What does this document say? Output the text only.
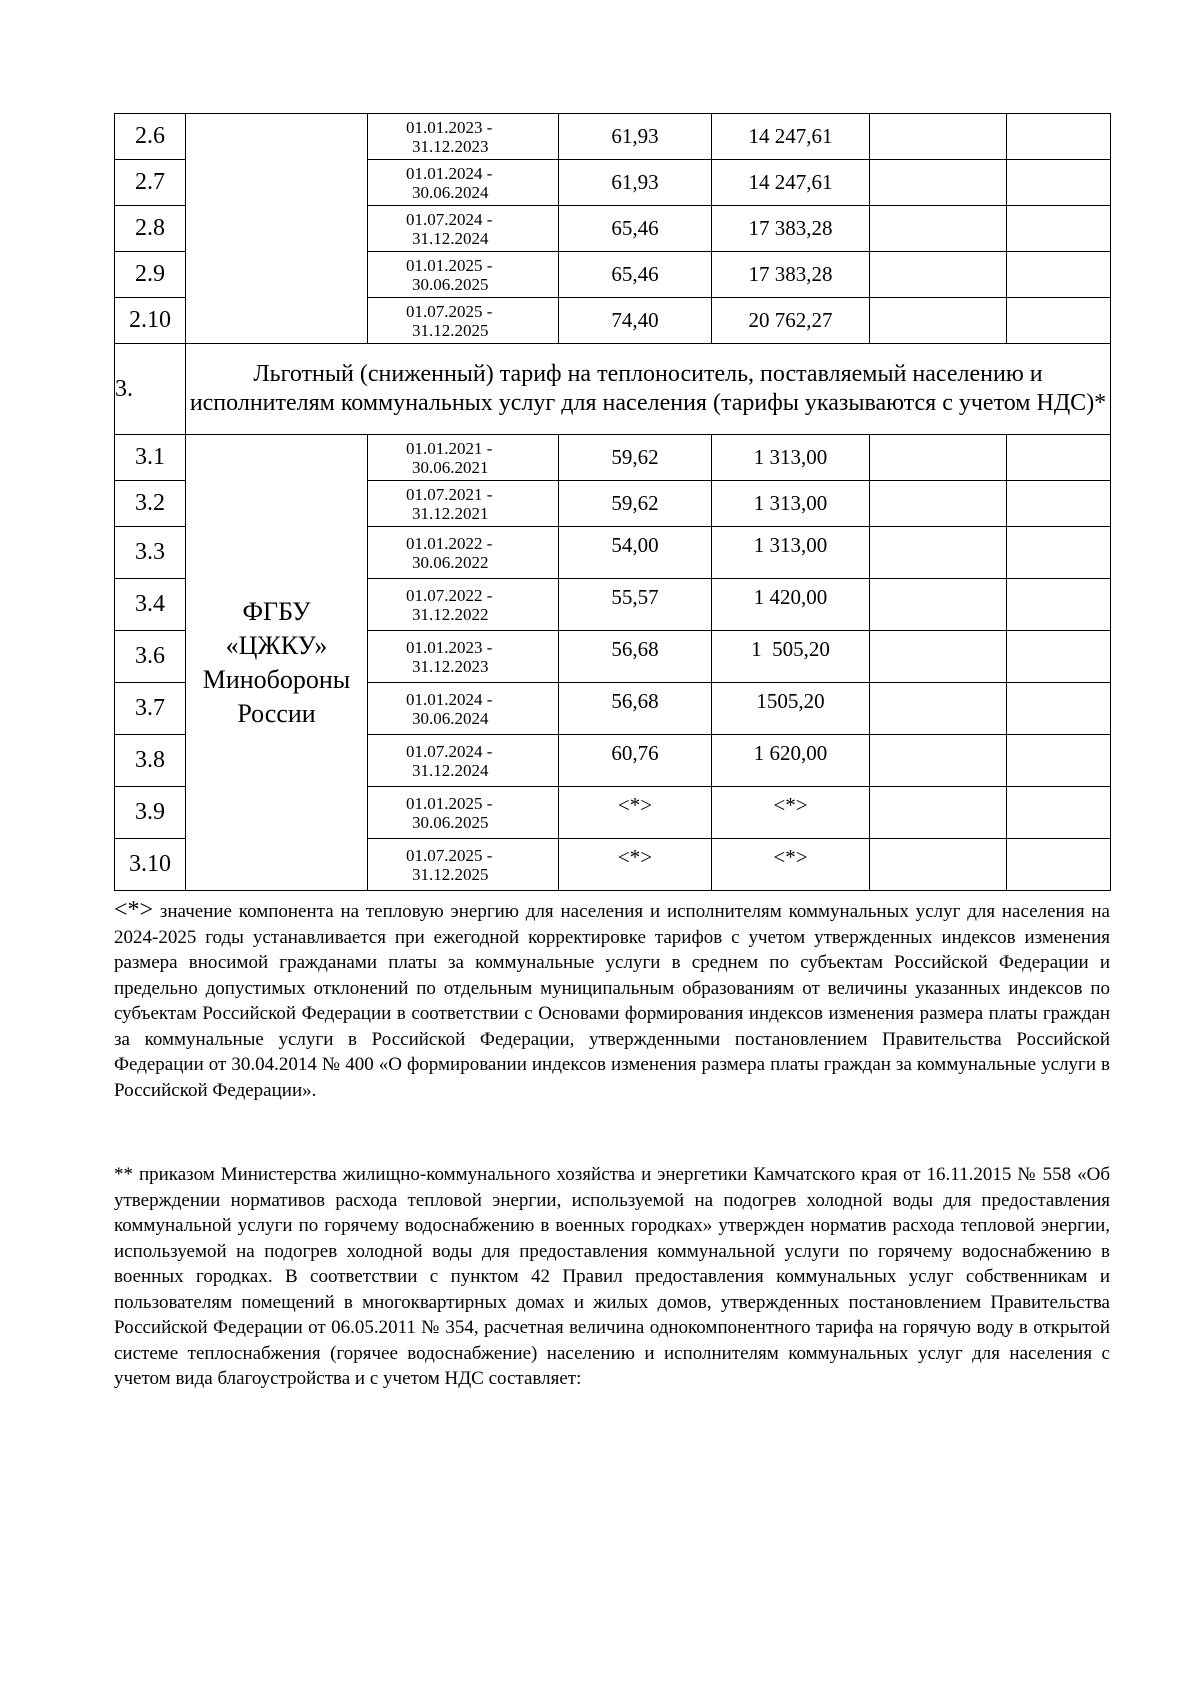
2.6		01.01.2023 -
31.12.2023	61,93	14 247,61		
2.7		01.01.2024 -
30.06.2024	61,93	14 247,61		
2.8		01.07.2024 -
31.12.2024	65,46	17 383,28		
2.9		01.01.2025 -
30.06.2025	65,46	17 383,28		
2.10		01.07.2025 -
31.12.2025	74,40	20 762,27		
3.	Льготный (сниженный) тариф на теплоноситель, поставляемый населению и исполнителям коммунальных услуг для населения (тарифы указываются с учетом НДС)*					
3.1	ФГБУ
«ЦЖКУ»
Минобороны
России	01.01.2021 -
30.06.2021	59,62	1 313,00		
3.2		01.07.2021 -
31.12.2021	59,62	1 313,00		
3.3		01.01.2022 -
30.06.2022	54,00	1 313,00		
3.4		01.07.2022 -
31.12.2022	55,57	1 420,00		
3.6		01.01.2023 -
31.12.2023	56,68	1  505,20		
3.7		01.01.2024 -
30.06.2024	56,68	1505,20		
3.8		01.07.2024 -
31.12.2024	60,76	1 620,00		
3.9		01.01.2025 -
30.06.2025	<*>	<*>		
3.10		01.07.2025 -
31.12.2025	<*>	<*>		
<*> значение компонента на тепловую энергию для населения и исполнителям коммунальных услуг для населения на 2024-2025 годы устанавливается при ежегодной корректировке тарифов с учетом утвержденных индексов изменения размера вносимой гражданами платы за коммунальные услуги в среднем по субъектам Российской Федерации и предельно допустимых отклонений по отдельным муниципальным образованиям от величины указанных индексов по субъектам Российской Федерации в соответствии с Основами формирования индексов изменения размера платы граждан за коммунальные услуги в Российской Федерации, утвержденными постановлением Правительства Российской Федерации от 30.04.2014 № 400 «О формировании индексов изменения размера платы граждан за коммунальные услуги в Российской Федерации».
** приказом Министерства жилищно-коммунального хозяйства и энергетики Камчатского края от 16.11.2015 № 558 «Об утверждении нормативов расхода тепловой энергии, используемой на подогрев холодной воды для предоставления коммунальной услуги по горячему водоснабжению в военных городках» утвержден норматив расхода тепловой энергии, используемой на подогрев холодной воды для предоставления коммунальной услуги по горячему водоснабжению в военных городках. В соответствии с пунктом 42 Правил предоставления коммунальных услуг собственникам и пользователям помещений в многоквартирных домах и жилых домов, утвержденных постановлением Правительства Российской Федерации от 06.05.2011 № 354, расчетная величина однокомпонентного тарифа на горячую воду в открытой системе теплоснабжения (горячее водоснабжение) населению и исполнителям коммунальных услуг для населения с учетом вида благоустройства и с учетом НДС составляет:
